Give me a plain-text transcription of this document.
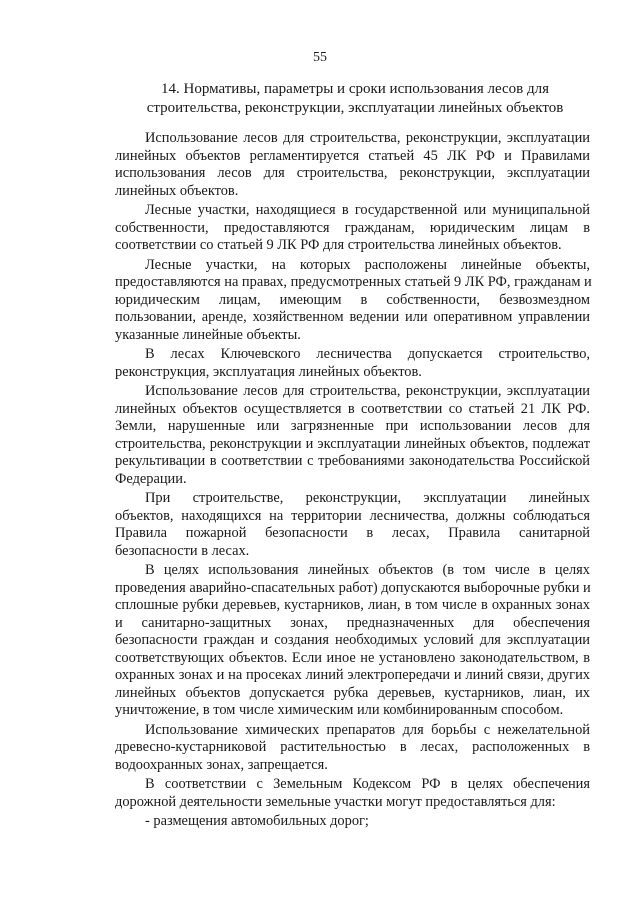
55
14. Нормативы, параметры и сроки использования лесов для
строительства, реконструкции, эксплуатации линейных объектов
Использование лесов для строительства, реконструкции, эксплуатации
линейных объектов регламентируется статьей 45 ЛК РФ и Правилами
использования лесов для строительства, реконструкции, эксплуатации
линейных объектов.
Лесные участки, находящиеся в государственной или муниципальной
собственности, предоставляются гражданам, юридическим лицам в
соответствии со статьей 9 ЛК РФ для строительства линейных объектов.
Лесные участки, на которых расположены линейные объекты,
предоставляются на правах, предусмотренных статьей 9 ЛК РФ, гражданам и
юридическим лицам, имеющим в собственности, безвозмездном
пользовании, аренде, хозяйственном ведении или оперативном управлении
указанные линейные объекты.
В лесах Ключевского лесничества допускается строительство,
реконструкция, эксплуатация линейных объектов.
Использование лесов для строительства, реконструкции, эксплуатации
линейных объектов осуществляется в соответствии со статьей 21 ЛК РФ.
Земли, нарушенные или загрязненные при использовании лесов для
строительства, реконструкции и эксплуатации линейных объектов, подлежат
рекультивации в соответствии с требованиями законодательства Российской
Федерации.
При строительстве, реконструкции, эксплуатации линейных
объектов, находящихся на территории лесничества, должны соблюдаться
Правила пожарной безопасности в лесах, Правила санитарной
безопасности в лесах.
В целях использования линейных объектов (в том числе в целях
проведения аварийно-спасательных работ) допускаются выборочные рубки и
сплошные рубки деревьев, кустарников, лиан, в том числе в охранных зонах
и санитарно-защитных зонах, предназначенных для обеспечения
безопасности граждан и создания необходимых условий для эксплуатации
соответствующих объектов. Если иное не установлено законодательством, в
охранных зонах и на просеках линий электропередачи и линий связи, других
линейных объектов допускается рубка деревьев, кустарников, лиан, их
уничтожение, в том числе химическим или комбинированным способом.
Использование химических препаратов для борьбы с нежелательной
древесно-кустарниковой растительностью в лесах, расположенных в
водоохранных зонах, запрещается.
В соответствии с Земельным Кодексом РФ в целях обеспечения
дорожной деятельности земельные участки могут предоставляться для:
- размещения автомобильных дорог;
